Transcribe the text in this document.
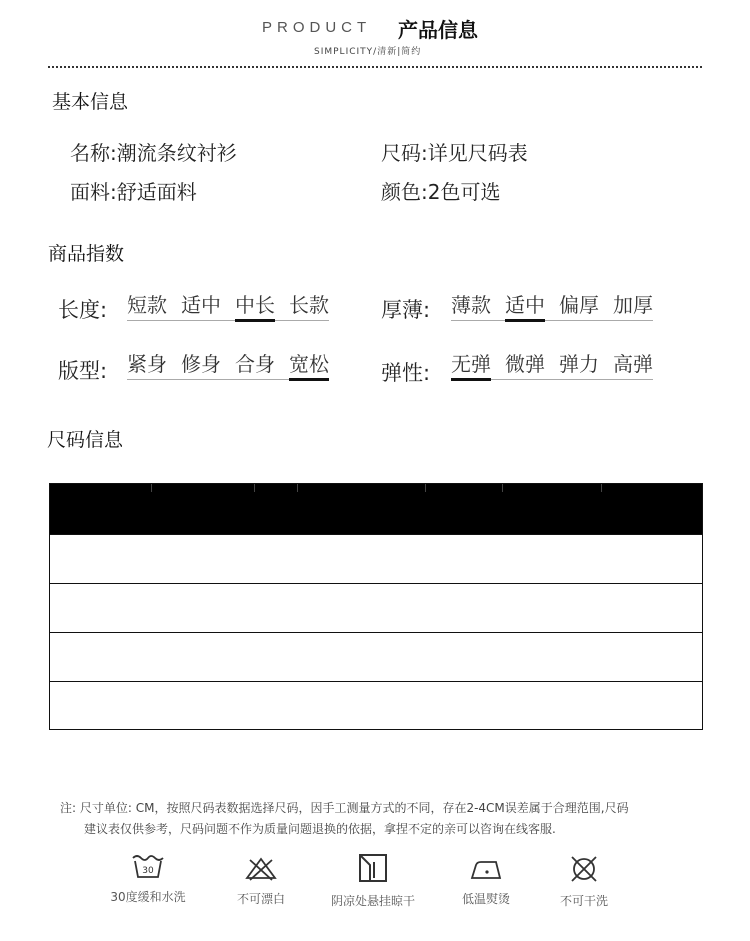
PRODUCT 产品信息
SIMPLICITY/清新|简约
基本信息
名称:潮流条纹衬衫	尺码:详见尺码表
面料:舒适面料	颜色:2色可选
商品指数
长度: 短款 适中 中长 长款 厚薄: 薄款 适中 偏厚 加厚
版型: 紧身 修身 合身 宽松 弹性: 无弹 微弹 弹力 高弹
尺码信息
注: 尺寸单位: CM，按照尺码表数据选择尺码，因手工测量方式的不同，存在2-4CM误差属于合理范围,尺码
建议表仅供参考，尺码问题不作为质量问题退换的依据，拿捏不定的亲可以咨询在线客服.
30
30度缓和水洗	不可漂白	阴凉处悬挂晾干	低温熨烫	不可干洗
